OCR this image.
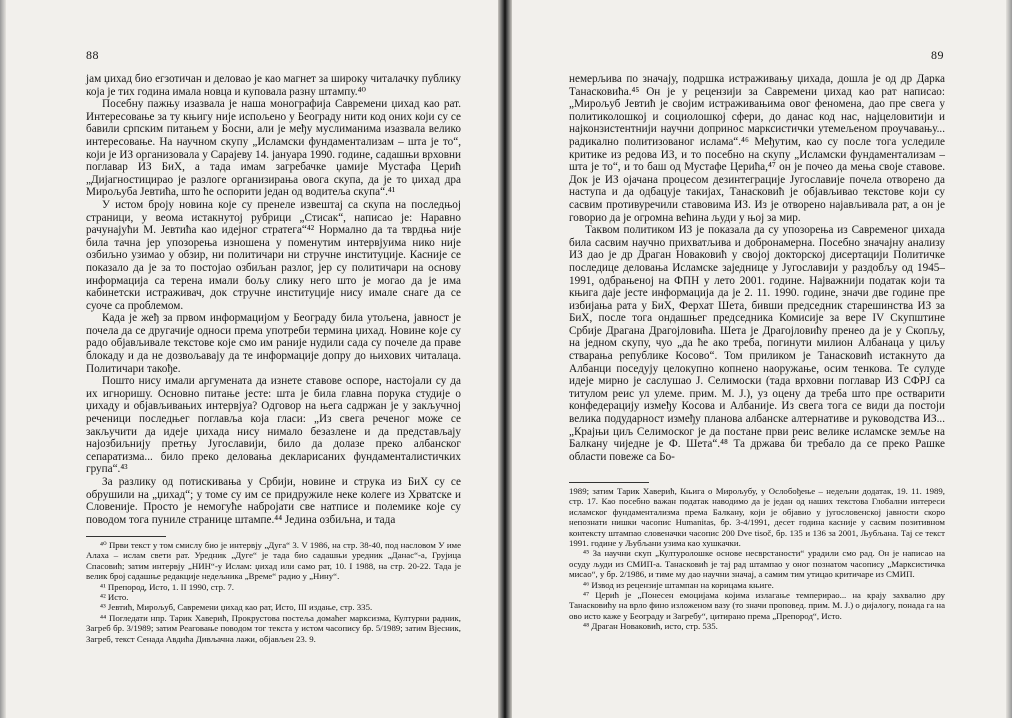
88

јам џихад био егзотичан и деловао је као магнет за широку читалачку публику која је тих година имала новца и куповала разну штампу.⁴⁰

Посебну пажњу изазвала је наша монографија Савремени џихад као рат. Интересовање за ту књигу није испољено у Београду нити код оних који су се бавили српским питањем у Босни, али је међу муслиманима изазвала велико интересовање. На научном скупу „Исламски фундаментализам – шта је то“, који је ИЗ организовала у Сарајеву 14. јануара 1990. године, садашњи врховни поглавар ИЗ БиХ, а тада имам загребачке џамије Мустафа Церић „Дијагностицирао је разлоге организирања овога скупа, да је то џихад дра Мирољуба Јевтића, што ће оспорити један од водитеља скупа“.⁴¹

У истом броју новина које су пренеле извештај са скупа на последњој страници, у веома истакнутој рубрици „Стисак“, написао је: Наравно рачунајући М. Јевтића као идејног стратега“⁴² Нормално да та тврдња није била тачна јер упозорења изношена у поменутим интервјуима нико није озбиљно узимао у обзир, ни политичари ни стручне институције. Касније се показало да је за то постојао озбиљан разлог, јер су политичари на основу информација са терена имали бољу слику него што је могао да је има кабинетски истраживач, док стручне институције нису имале снаге да се суоче са проблемом.

Када је жеђ за првом информацијом у Београду била утољена, јавност је почела да се другачије односи према употреби термина џихад. Новине које су радо објављивале текстове које смо им раније нудили сада су почеле да праве блокаду и да не дозвољавају да те информације допру до њихових читалаца. Политичари такође.

Пошто нису имали аргумената да изнете ставове оспоре, настојали су да их игноришу. Основно питање јесте: шта је била главна порука студије о џихаду и објављивањих интервјуа? Одговор на њега садржан је у закључној реченици последњег поглавља која гласи: „Из свега реченог може се закључити да идеје џихада нису нимало безазлене и да представљају најозбиљнију претњу Југославији, било да долазе преко албанског сепаратизма... било преко деловања декларисаних фундаменталистичких група“.⁴³

За разлику од потискивања у Србији, новине и струка из БиХ су се обрушили на „џихад“; у томе су им се придружиле неке колеге из Хрватске и Словеније. Просто је немогуће набројати све натписе и полемике које су поводом тога пуниле странице штампе.⁴⁴ Једина озбиљна, и тада

⁴⁰ Први текст у том смислу био је интервју „Дуга“ 3. V 1986, на стр. 38-40, под насловом У име Алаха – ислам свети рат. Уредник „Дуге“ је тада био садашњи уредник „Данас“-а, Грујица Спасовић; затим интервју „НИН“-у Ислам: џихад или само рат, 10. I 1988, на стр. 20-22. Тада је велик број садашње редакције недељника „Време“ радио у „Нину“.

⁴¹ Препород, Исто, 1. II 1990, стр. 7.

⁴² Исто.

⁴³ Јевтић, Мирољуб, Савремени џихад као рат, Исто, III издање, стр. 335.

⁴⁴ Погледати нпр. Тарик Хаверић, Прокрустова постеља домаћег марксизма, Културни радник, Загреб бр. 3/1989; затим Реаговање поводом тог текста у истом часопису бр. 5/1989; затим Вјесник, Загреб, текст Сенада Авдића Дивљачна лажи, објављен 23. 9.

89

немерљива по значају, подршка истраживању џихада, дошла је од др Дарка Танасковића.⁴⁵ Он је у рецензији за Савремени џихад као рат написао: „Мирољуб Јевтић је својим истраживањима овог феномена, дао пре свега у политиколошкој и социолошкој сфери, до данас код нас, најцеловитији и најконзистентнији научни допринос марксистички утемељеном проучавању... радикално политизованог ислама“.⁴⁶ Међутим, као су после тога уследиле критике из редова ИЗ, и то посебно на скупу „Исламски фундаментализам – шта је то“, и то баш од Мустафе Церића,⁴⁷ он је почео да мења своје ставове. Док је ИЗ ојачана процесом дезинтеграције Југославије почела отворено да наступа и да одбацује такијах, Танасковић је објављивао текстове који су сасвим противуречили ставовима ИЗ. Из је отворено најављивала рат, а он је говорио да је огромна већина људи у њој за мир.

Таквом политиком ИЗ је показала да су упозорења из Савременог џихада била сасвим научно прихватљива и добронамерна. Посебно значајну анализу ИЗ дао је др Драган Новаковић у својој докторској дисертацији Политичке последице деловања Исламске заједнице у Југославији у раздобљу од 1945–1991, одбрањеној на ФПН у лето 2001. године. Најважнији податак који та књига даје јесте информација да је 2. 11. 1990. године, значи две године пре избијања рата у БиХ, Ферхат Шета, бивши председник старешинства ИЗ за БиХ, после тога ондашњег председника Комисије за вере IV Скупштине Србије Драгана Драгојловића. Шета је Драгојловићу пренео да је у Скопљу, на једном скупу, чуо „да ће ако треба, погинути милион Албанаца у циљу стварања републике Косово“. Том приликом је Танасковић истакнуто да Албанци поседују целокупно копнено наоружање, осим тенкова. Те сулуде идеје мирно је саслушао Ј. Селимоски (тада врховни поглавар ИЗ СФРЈ са титулом реис ул улеме. прим. М. Ј.), уз оцену да треба што пре остварити конфедерацију између Косова и Албаније. Из свега тога се види да постоји велика подударност између планова албанске алтернативе и руководства ИЗ... „Крајњи циљ Селимоског је да постане први реис велике исламске земље на Балкану чиједне је Ф. Шета“.⁴⁸ Та држава би требало да се преко Рашке области повеже са Бо-

1989; затим Тарик Хаверић, Књига о Мирољубу, у Ослобођење – недељни додатак, 19. 11. 1989, стр. 17. Као посебно важан податак наводимо да је један од наших текстова Глобални интереси исламског фундаментализма према Балкану, који је објавио у југословенској јавности скоро непознати нишки часопис Humanitas, бр. 3-4/1991, десет година касније у сасвим позитивном контексту штампао словеначки часопис 200 Dve tisoč, бр. 135 и 136 за 2001, Љубљана. Тај се текст 1991. године у Љубљани узима као хушкачки.

⁴⁵ За научни скуп „Културолошке основе несврстаности“ урадили смо рад. Он је написао на осуду људи из СМИП-а. Танасковић је тај рад штампао у оног познатом часопису „Марксистичка мисао“, у бр. 2/1986, и тиме му дао научни значај, а самим тим утицао критичаре из СМИП.

⁴⁶ Извод из рецензије штампан на корицама књиге.

⁴⁷ Церић је „Понесен емоцијама којима излагање темперирао... на крају захвалио дру Танасковићу на врло фино изложеном вазу (то значи проповед. прим. М. Ј.) о дијалогу, понада га на ово исто каже у Београду и Загребу“, цитирано према „Препород“, Исто.

⁴⁸ Драган Новаковић, исто, стр. 535.
